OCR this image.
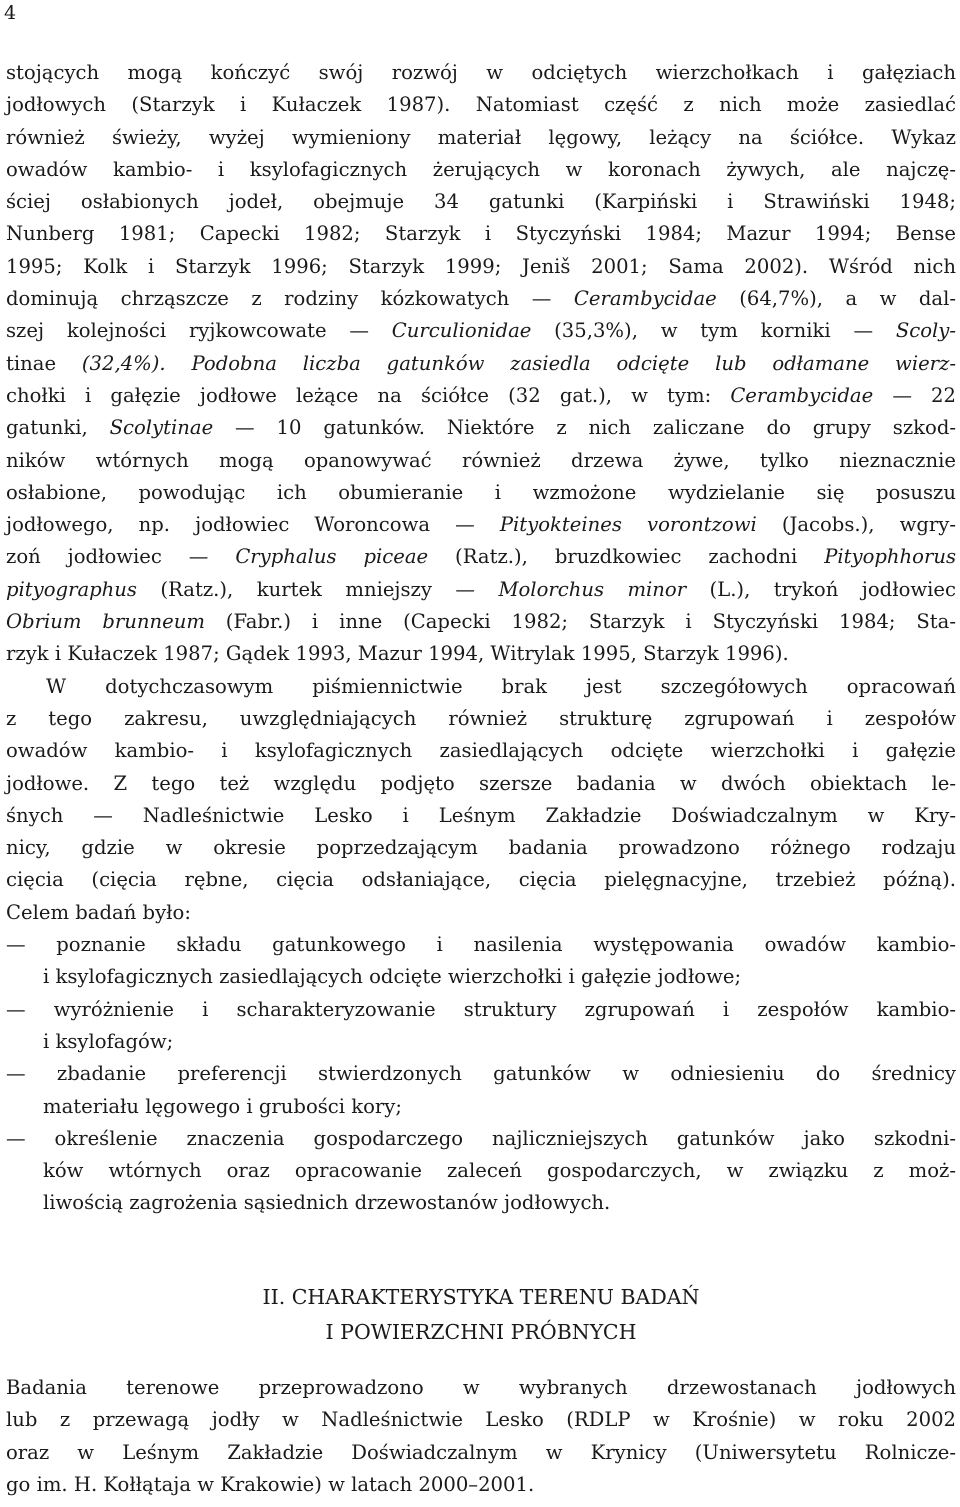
4
stojących mogą kończyć swój rozwój w odciętych wierzchołkach i gałęziach
jodłowych (Starzyk i Kułaczek 1987). Natomiast część z nich może zasiedlać
również świeży, wyżej wymieniony materiał lęgowy, leżący na ściółce. Wykaz
owadów kambio- i ksylofagicznych żerujących w koronach żywych, ale najczę-
ściej osłabionych jodeł, obejmuje 34 gatunki (Karpiński i Strawiński 1948;
Nunberg 1981; Capecki 1982; Starzyk i Styczyński 1984; Mazur 1994; Bense
1995; Kolk i Starzyk 1996; Starzyk 1999; Jeniš 2001; Sama 2002). Wśród nich
dominują chrząszcze z rodziny kózkowatych — Cerambycidae (64,7%), a w dal-
szej kolejności ryjkowcowate — Curculionidae (35,3%), w tym korniki — Scoly-
tinae (32,4%). Podobna liczba gatunków zasiedla odcięte lub odłamane wierz-
chołki i gałęzie jodłowe leżące na ściółce (32 gat.), w tym: Cerambycidae — 22
gatunki, Scolytinae — 10 gatunków. Niektóre z nich zaliczane do grupy szkod-
ników wtórnych mogą opanowywać również drzewa żywe, tylko nieznacznie
osłabione, powodując ich obumieranie i wzmożone wydzielanie się posuszu
jodłowego, np. jodłowiec Woroncowa — Pityokteines vorontzowi (Jacobs.), wgry-
zoń jodłowiec — Cryphalus piceae (Ratz.), bruzdkowiec zachodni Pityophhorus
pityographus (Ratz.), kurtek mniejszy — Molorchus minor (L.), trykoń jodłowiec
Obrium brunneum (Fabr.) i inne (Capecki 1982; Starzyk i Styczyński 1984; Sta-
rzyk i Kułaczek 1987; Gądek 1993, Mazur 1994, Witrylak 1995, Starzyk 1996).
W dotychczasowym piśmiennictwie brak jest szczegółowych opracowań
z tego zakresu, uwzględniających również strukturę zgrupowań i zespołów
owadów kambio- i ksylofagicznych zasiedlających odcięte wierzchołki i gałęzie
jodłowe. Z tego też względu podjęto szersze badania w dwóch obiektach le-
śnych — Nadleśnictwie Lesko i Leśnym Zakładzie Doświadczalnym w Kry-
nicy, gdzie w okresie poprzedzającym badania prowadzono różnego rodzaju
cięcia (cięcia rębne, cięcia odsłaniające, cięcia pielęgnacyjne, trzebież późną).
Celem badań było:
— poznanie składu gatunkowego i nasilenia występowania owadów kambio-
i ksylofagicznych zasiedlających odcięte wierzchołki i gałęzie jodłowe;
— wyróżnienie i scharakteryzowanie struktury zgrupowań i zespołów kambio-
i ksylofagów;
— zbadanie preferencji stwierdzonych gatunków w odniesieniu do średnicy
materiału lęgowego i grubości kory;
— określenie znaczenia gospodarczego najliczniejszych gatunków jako szkodni-
ków wtórnych oraz opracowanie zaleceń gospodarczych, w związku z moż-
liwością zagrożenia sąsiednich drzewostanów jodłowych.
II. CHARAKTERYSTYKA TERENU BADAŃ
I POWIERZCHNI PRÓBNYCH
Badania terenowe przeprowadzono w wybranych drzewostanach jodłowych
lub z przewagą jodły w Nadleśnictwie Lesko (RDLP w Krośnie) w roku 2002
oraz w Leśnym Zakładzie Doświadczalnym w Krynicy (Uniwersytetu Rolnicze-
go im. H. Kołłątaja w Krakowie) w latach 2000–2001.
